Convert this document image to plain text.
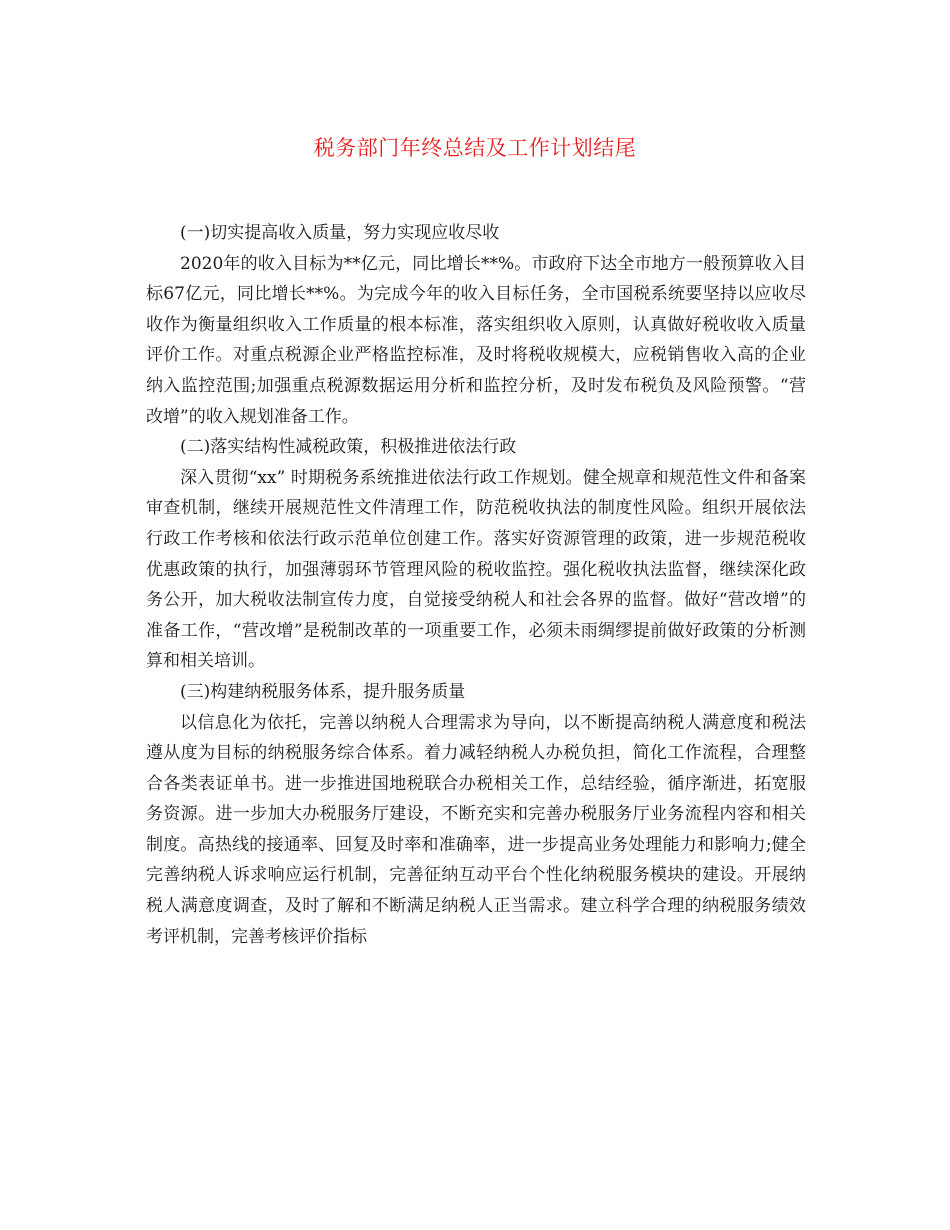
税务部门年终总结及工作计划结尾

(一)切实提高收入质量，努力实现应收尽收

2020年的收入目标为**亿元，同比增长**%。市政府下达全市地方一般预算收入目标67亿元，同比增长**%。为完成今年的收入目标任务，全市国税系统要坚持以应收尽收作为衡量组织收入工作质量的根本标准，落实组织收入原则，认真做好税收收入质量评价工作。对重点税源企业严格监控标准，及时将税收规模大，应税销售收入高的企业纳入监控范围;加强重点税源数据运用分析和监控分析，及时发布税负及风险预警。“营改增”的收入规划准备工作。

(二)落实结构性减税政策，积极推进依法行政

深入贯彻“xx” 时期税务系统推进依法行政工作规划。健全规章和规范性文件和备案审查机制，继续开展规范性文件清理工作，防范税收执法的制度性风险。组织开展依法行政工作考核和依法行政示范单位创建工作。落实好资源管理的政策，进一步规范税收优惠政策的执行，加强薄弱环节管理风险的税收监控。强化税收执法监督，继续深化政务公开，加大税收法制宣传力度，自觉接受纳税人和社会各界的监督。做好“营改增”的准备工作，“营改增”是税制改革的一项重要工作，必须未雨绸缪提前做好政策的分析测算和相关培训。

(三)构建纳税服务体系，提升服务质量

以信息化为依托，完善以纳税人合理需求为导向，以不断提高纳税人满意度和税法遵从度为目标的纳税服务综合体系。着力减轻纳税人办税负担，简化工作流程，合理整合各类表证单书。进一步推进国地税联合办税相关工作，总结经验，循序渐进，拓宽服务资源。进一步加大办税服务厅建设，不断充实和完善办税服务厅业务流程内容和相关制度。高热线的接通率、回复及时率和准确率，进一步提高业务处理能力和影响力;健全完善纳税人诉求响应运行机制，完善征纳互动平台个性化纳税服务模块的建设。开展纳税人满意度调查，及时了解和不断满足纳税人正当需求。建立科学合理的纳税服务绩效考评机制，完善考核评价指标
